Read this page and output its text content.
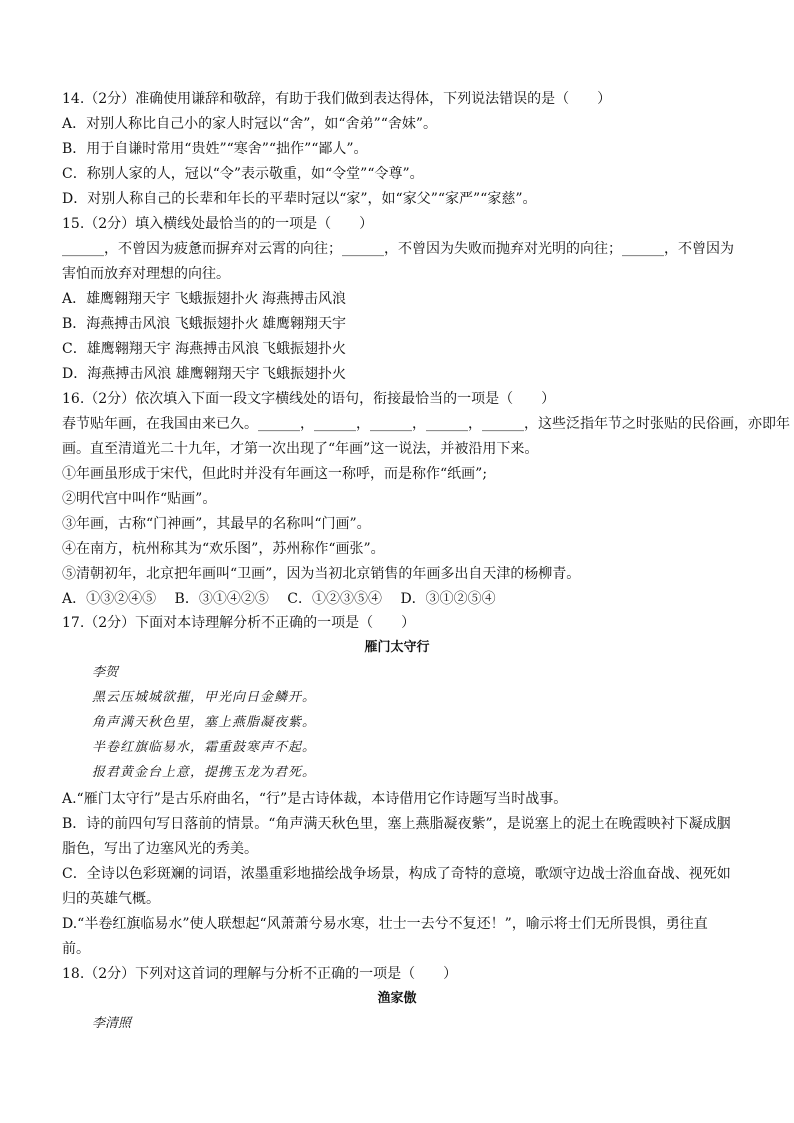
14.（2分）准确使用谦辞和敬辞，有助于我们做到表达得体，下列说法错误的是（　　）
A．对别人称比自己小的家人时冠以“舍”，如“舍弟”“舍妹”。
B．用于自谦时常用“贵姓”“寒舍”“拙作”“鄙人”。
C．称别人家的人，冠以“令”表示敬重，如“令堂”“令尊”。
D．对别人称自己的长辈和年长的平辈时冠以“家”，如“家父”“家严”“家慈”。
15.（2分）填入横线处最恰当的的一项是（　　）
______，不曾因为疲惫而摒弃对云霄的向往；______，不曾因为失败而抛弃对光明的向往；______，不曾因为
害怕而放弃对理想的向往。
A．雄鹰翱翔天宇 飞蛾振翅扑火 海燕搏击风浪
B．海燕搏击风浪 飞蛾振翅扑火 雄鹰翱翔天宇
C．雄鹰翱翔天宇 海燕搏击风浪 飞蛾振翅扑火
D．海燕搏击风浪 雄鹰翱翔天宇 飞蛾振翅扑火
16.（2分）依次填入下面一段文字横线处的语句，衔接最恰当的一项是（　　）
春节贴年画，在我国由来已久。______，______，______，______，______，这些泛指年节之时张贴的民俗画，亦即年
画。直至清道光二十九年，才第一次出现了“年画”这一说法，并被沿用下来。
①年画虽形成于宋代，但此时并没有年画这一称呼，而是称作“纸画”;
②明代宫中叫作“贴画”。
③年画，古称“门神画”，其最早的名称叫“门画”。
④在南方，杭州称其为“欢乐图”，苏州称作“画张”。
⑤清朝初年，北京把年画叫“卫画”，因为当初北京销售的年画多出自天津的杨柳青。
A．①③②④⑤　 B．③①④②⑤　 C．①②③⑤④　 D．③①②⑤④
17.（2分）下面对本诗理解分析不正确的一项是（　　）
雁门太守行
李贺
黑云压城城欲摧，甲光向日金鳞开。
角声满天秋色里，塞上燕脂凝夜紫。
半卷红旗临易水，霜重鼓寒声不起。
报君黄金台上意，提携玉龙为君死。
A.“雁门太守行”是古乐府曲名，“行”是古诗体裁，本诗借用它作诗题写当时战事。
B．诗的前四句写日落前的情景。“角声满天秋色里，塞上燕脂凝夜紫”，是说塞上的泥土在晚霞映衬下凝成胭
脂色，写出了边塞风光的秀美。
C．全诗以色彩斑斓的词语，浓墨重彩地描绘战争场景，构成了奇特的意境，歌颂守边战士浴血奋战、视死如
归的英雄气概。
D.“半卷红旗临易水”使人联想起“风萧萧兮易水寒，壮士一去兮不复还！”，喻示将士们无所畏惧，勇往直
前。
18.（2分）下列对这首词的理解与分析不正确的一项是（　　）
渔家傲
李清照
